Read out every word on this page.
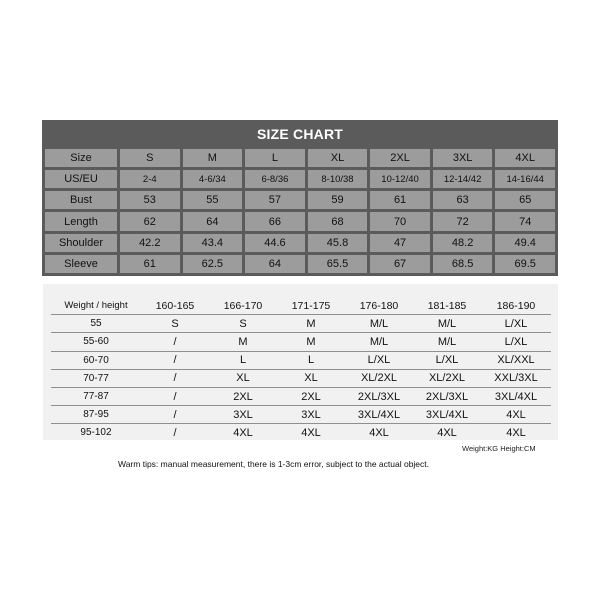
SIZE CHART
Size	S	M	L	XL	2XL	3XL	4XL
US/EU	2-4	4-6/34	6-8/36	8-10/38	10-12/40	12-14/42	14-16/44
Bust	53	55	57	59	61	63	65
Length	62	64	66	68	70	72	74
Shoulder	42.2	43.4	44.6	45.8	47	48.2	49.4
Sleeve	61	62.5	64	65.5	67	68.5	69.5
Weight / height	160-165	166-170	171-175	176-180	181-185	186-190
55	S	S	M	M/L	M/L	L/XL
55-60	/	M	M	M/L	M/L	L/XL
60-70	/	L	L	L/XL	L/XL	XL/XXL
70-77	/	XL	XL	XL/2XL	XL/2XL	XXL/3XL
77-87	/	2XL	2XL	2XL/3XL	2XL/3XL	3XL/4XL
87-95	/	3XL	3XL	3XL/4XL	3XL/4XL	4XL
95-102	/	4XL	4XL	4XL	4XL	4XL
Weight:KG Height:CM
Warm tips: manual measurement, there is 1-3cm error, subject to the actual object.
